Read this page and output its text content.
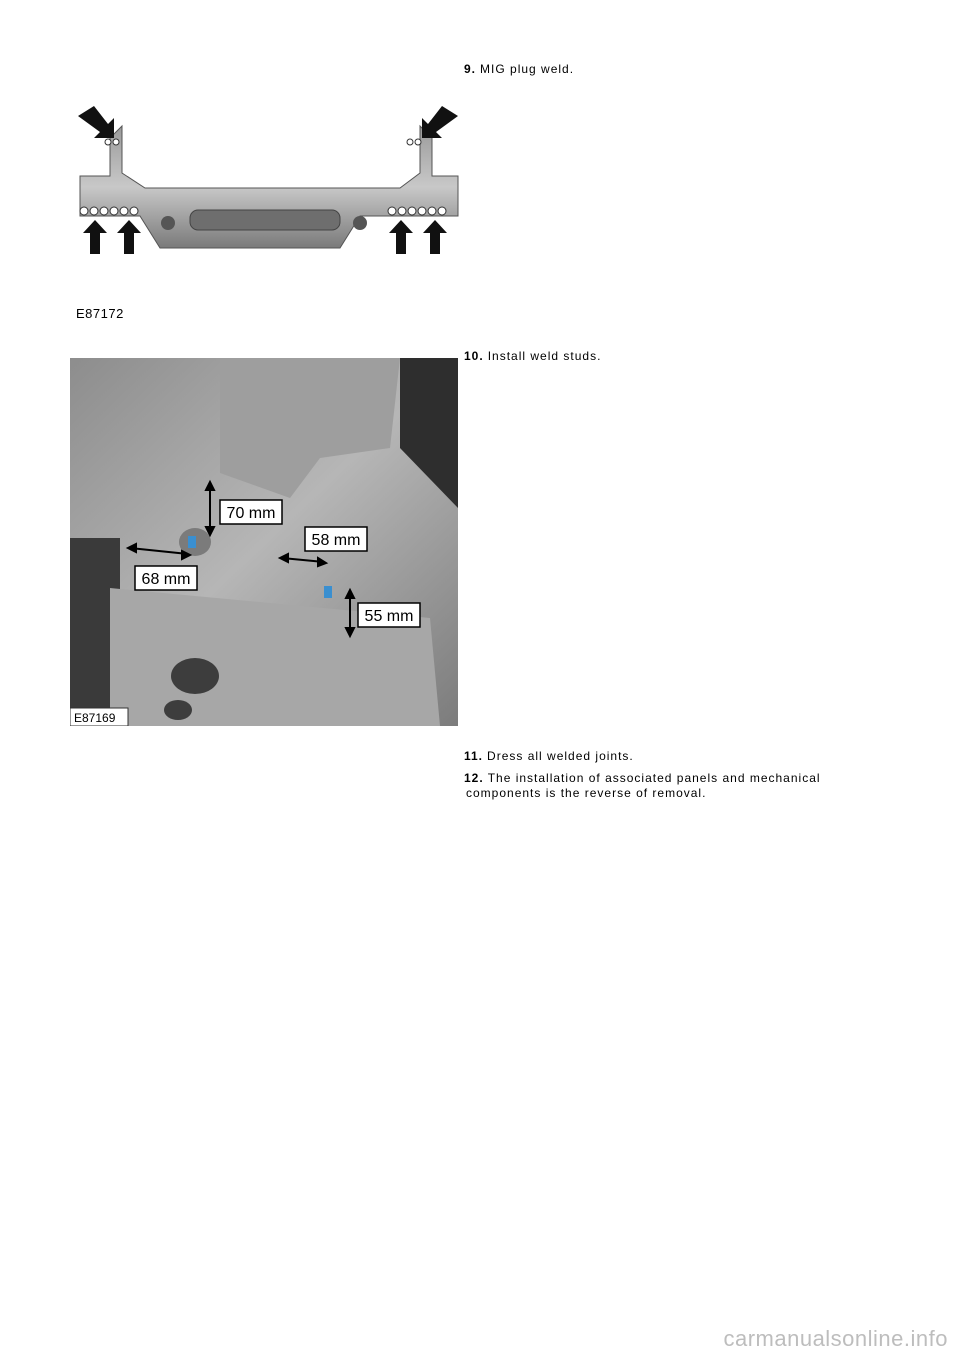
9. MIG plug weld.
E87172
10. Install weld studs.
70 mm
58 mm
68 mm
55 mm
E87169
11. Dress all welded joints.
12. The installation of associated panels and mechanical
components is the reverse of removal.
carmanualsonline.info
